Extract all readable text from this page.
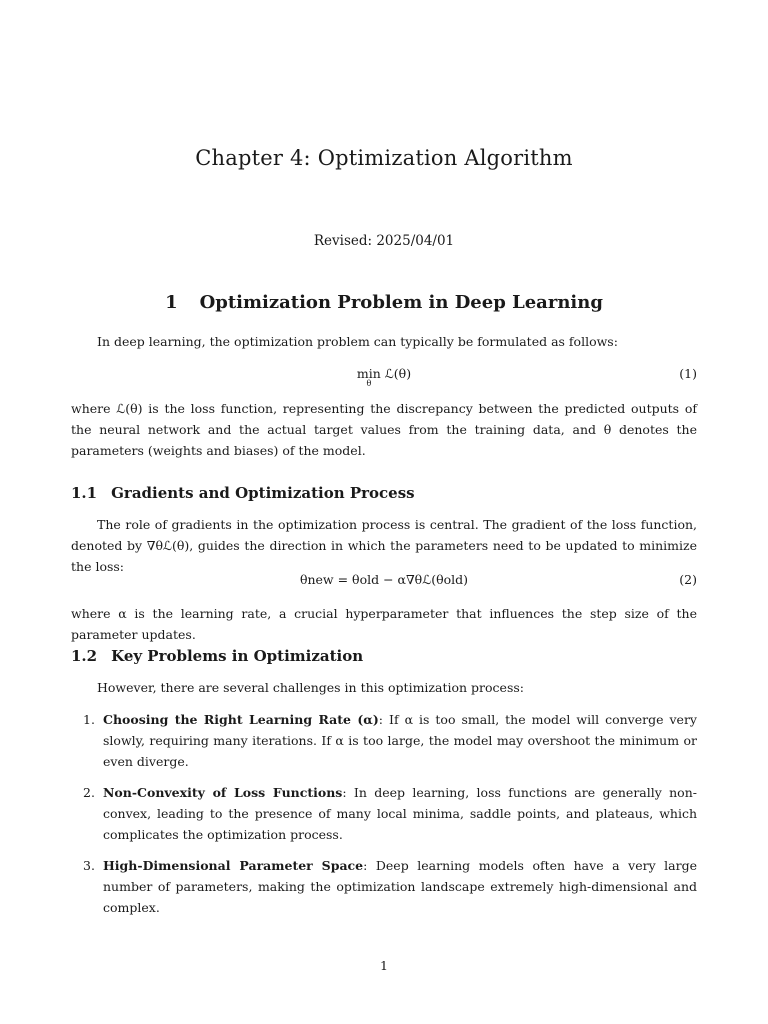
Chapter 4: Optimization Algorithm
Revised: 2025/04/01
1 Optimization Problem in Deep Learning
In deep learning, the optimization problem can typically be formulated as follows:
min
θ
ℒ(θ)	(1)
where ℒ(θ) is the loss function, representing the discrepancy between the predicted outputs of the neural network and the actual target values from the training data, and θ denotes the parameters (weights and biases) of the model.
1.1 Gradients and Optimization Process
The role of gradients in the optimization process is central. The gradient of the loss function, denoted by ∇θℒ(θ), guides the direction in which the parameters need to be updated to minimize the loss:
θnew = θold − α∇θℒ(θold)	(2)
where α is the learning rate, a crucial hyperparameter that influences the step size of the parameter updates.
1.2 Key Problems in Optimization
However, there are several challenges in this optimization process:
1. Choosing the Right Learning Rate (α): If α is too small, the model will converge very slowly, requiring many iterations. If α is too large, the model may overshoot the minimum or even diverge.
2. Non-Convexity of Loss Functions: In deep learning, loss functions are generally non-convex, leading to the presence of many local minima, saddle points, and plateaus, which complicates the optimization process.
3. High-Dimensional Parameter Space: Deep learning models often have a very large number of parameters, making the optimization landscape extremely high-dimensional and complex.
1
